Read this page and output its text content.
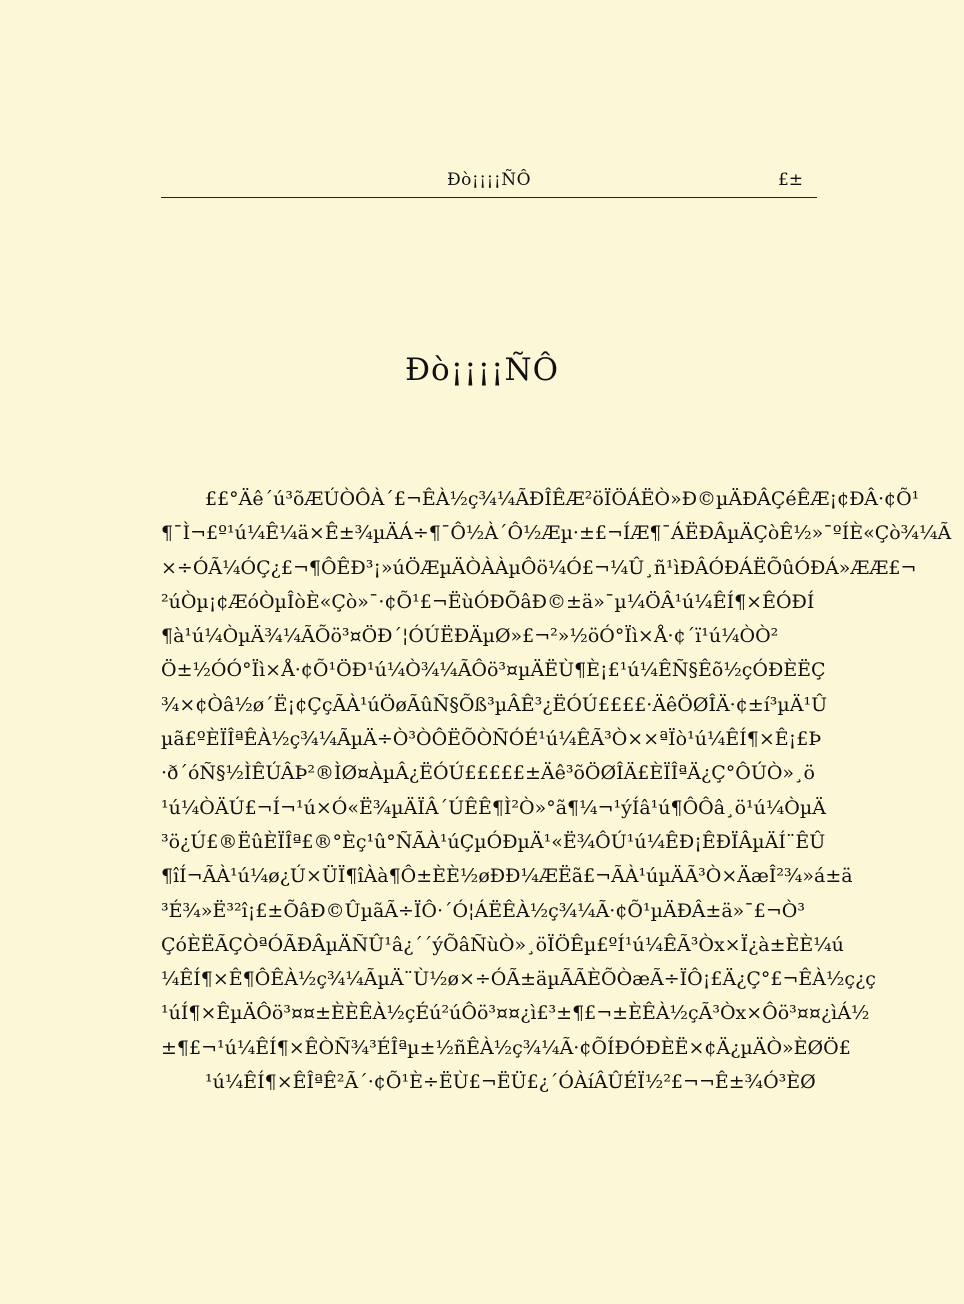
Ðò¡¡¡¡ÑÔ	£±
Ðò¡¡¡¡ÑÔ
££°Äê´ú³õÆÚÒÔÀ´£¬ÊÀ½ç¾¼ÃÐÎÊÆ²öÏÖÁËÒ»Ð©µÄÐÂÇéÊÆ¡¢ÐÂ·¢Õ¹
¶¯Ì¬£º¹ú¼Ê¼ä×Ê±¾µÄÁ÷¶¯Ô½À´Ô½Æµ·±£¬ÍÆ¶¯ÁËÐÂµÄÇòÊ½»¯ºÍÈ«Çò¾¼Ã
×÷ÓÃ¼ÓÇ¿£¬¶ÔÊÐ³¡»úÖÆµÄÒÀÀµÔö¼Ó£¬¼Û¸ñ¹ìÐÂÓÐÁËÕûÓÐÁ»ÆÆ£¬
²úÒµ¡¢ÆóÒµÎòÈ«Çò»¯·¢Õ¹£¬ËùÓÐÕâÐ©±ä»¯µ¼ÖÂ¹ú¼ÊÍ¶×ÊÓÐÍ
¶à¹ú¼ÒµÄ¾¼ÃÕö³¤ÖÐ´¦ÓÚËÐÄµØ»£¬²»½öÓ°Ïì×Å·¢´ï¹ú¼ÒÒ²
Ö±½ÓÓ°Ïì×Å·¢Õ¹ÖÐ¹ú¼Ò¾¼ÃÔö³¤µÄËÙ¶È¡£¹ú¼ÊÑ§Êõ½çÓÐÈËÇ
¾×¢Òâ½ø´Ë¡¢ÇçÃÀ¹úÖøÃûÑ§Õß³µÂÊ³¿ËÓÚ££££·ÄêÖØÎÄ·¢±í³µÄ¹Û
µã£ºÈÏÎªÊÀ½ç¾¼ÃµÄ÷Ò³ÒÔËÕÒÑÓÉ¹ú¼ÊÃ³Ò××ªÏò¹ú¼ÊÍ¶×Ê¡£Þ
·ð´óÑ§½ÌÊÚÂÞ²®ÌØ¤ÀµÂ¿ËÓÚ£££££±Äê³õÖØÎÄ£ÈÏÎªÄ¿Ç°ÔÚÒ»¸ö
¹ú¼ÒÄÚ£¬Í¬¹ú×Ó«Ë¾µÄÏÂ´ÚÊÊ¶Ì²Ò»°ã¶¼¬¹ýÍâ¹ú¶ÔÔâ¸ö¹ú¼ÒµÄ
³ö¿Ú£®ËûÈÏÎª£®°Èç¹û°ÑÃÀ¹úÇµÓÐµÄ¹«Ë¾ÔÚ¹ú¼ÊÐ¡ÊÐÏÂµÄÍ¨ÊÛ
¶îÍ¬ÃÀ¹ú¼ø¿Ú×ÜÏ¶îÀà¶Ô±ÈÈ½øÐÐ¼ÆËã£¬ÃÀ¹úµÄÃ³Ò×ÄæÎ²¾»á±ä
³É¾»Ë³²î¡£±ÕâÐ©ÛµãÃ÷ÏÔ·´Ó¦ÁËÊÀ½ç¾¼Ã·¢Õ¹µÄÐÂ±ä»¯£¬Ò³
ÇóÈËÃÇÒªÓÃÐÂµÄÑÛ¹â¿´´ýÕâÑùÒ»¸öÏÖÊµ£ºÍ¹ú¼ÊÃ³Òx×Ï¿à±ÈÈ¼ú
¼ÊÍ¶×Ê¶ÔÊÀ½ç¾¼ÃµÄ¨Ù½ø×÷ÓÃ±äµÃÃÈÕÒæÃ÷ÏÔ¡£Ä¿Ç°£¬ÊÀ½ç¿ç
¹úÍ¶×ÊµÄÔö³¤¤±ÈÈÊÀ½çÉú²úÔö³¤¤¿ì£³±¶£¬±ÈÊÀ½çÃ³Òx×Ôö³¤¤¿ìÁ½
±¶£¬¹ú¼ÊÍ¶×ÊÒÑ¾³ÉÎªµ±½ñÊÀ½ç¾¼Ã·¢ÕÍÐÓÐÈË×¢Ä¿µÄÒ»ÈØÖ£
¹ú¼ÊÍ¶×ÊÎªÊ²Ã´·¢Õ¹È÷ËÙ£¬ËÜ£¿´ÓÀíÂÛÉÏ½²£¬¬Ê±¾Ó³ÈØ
